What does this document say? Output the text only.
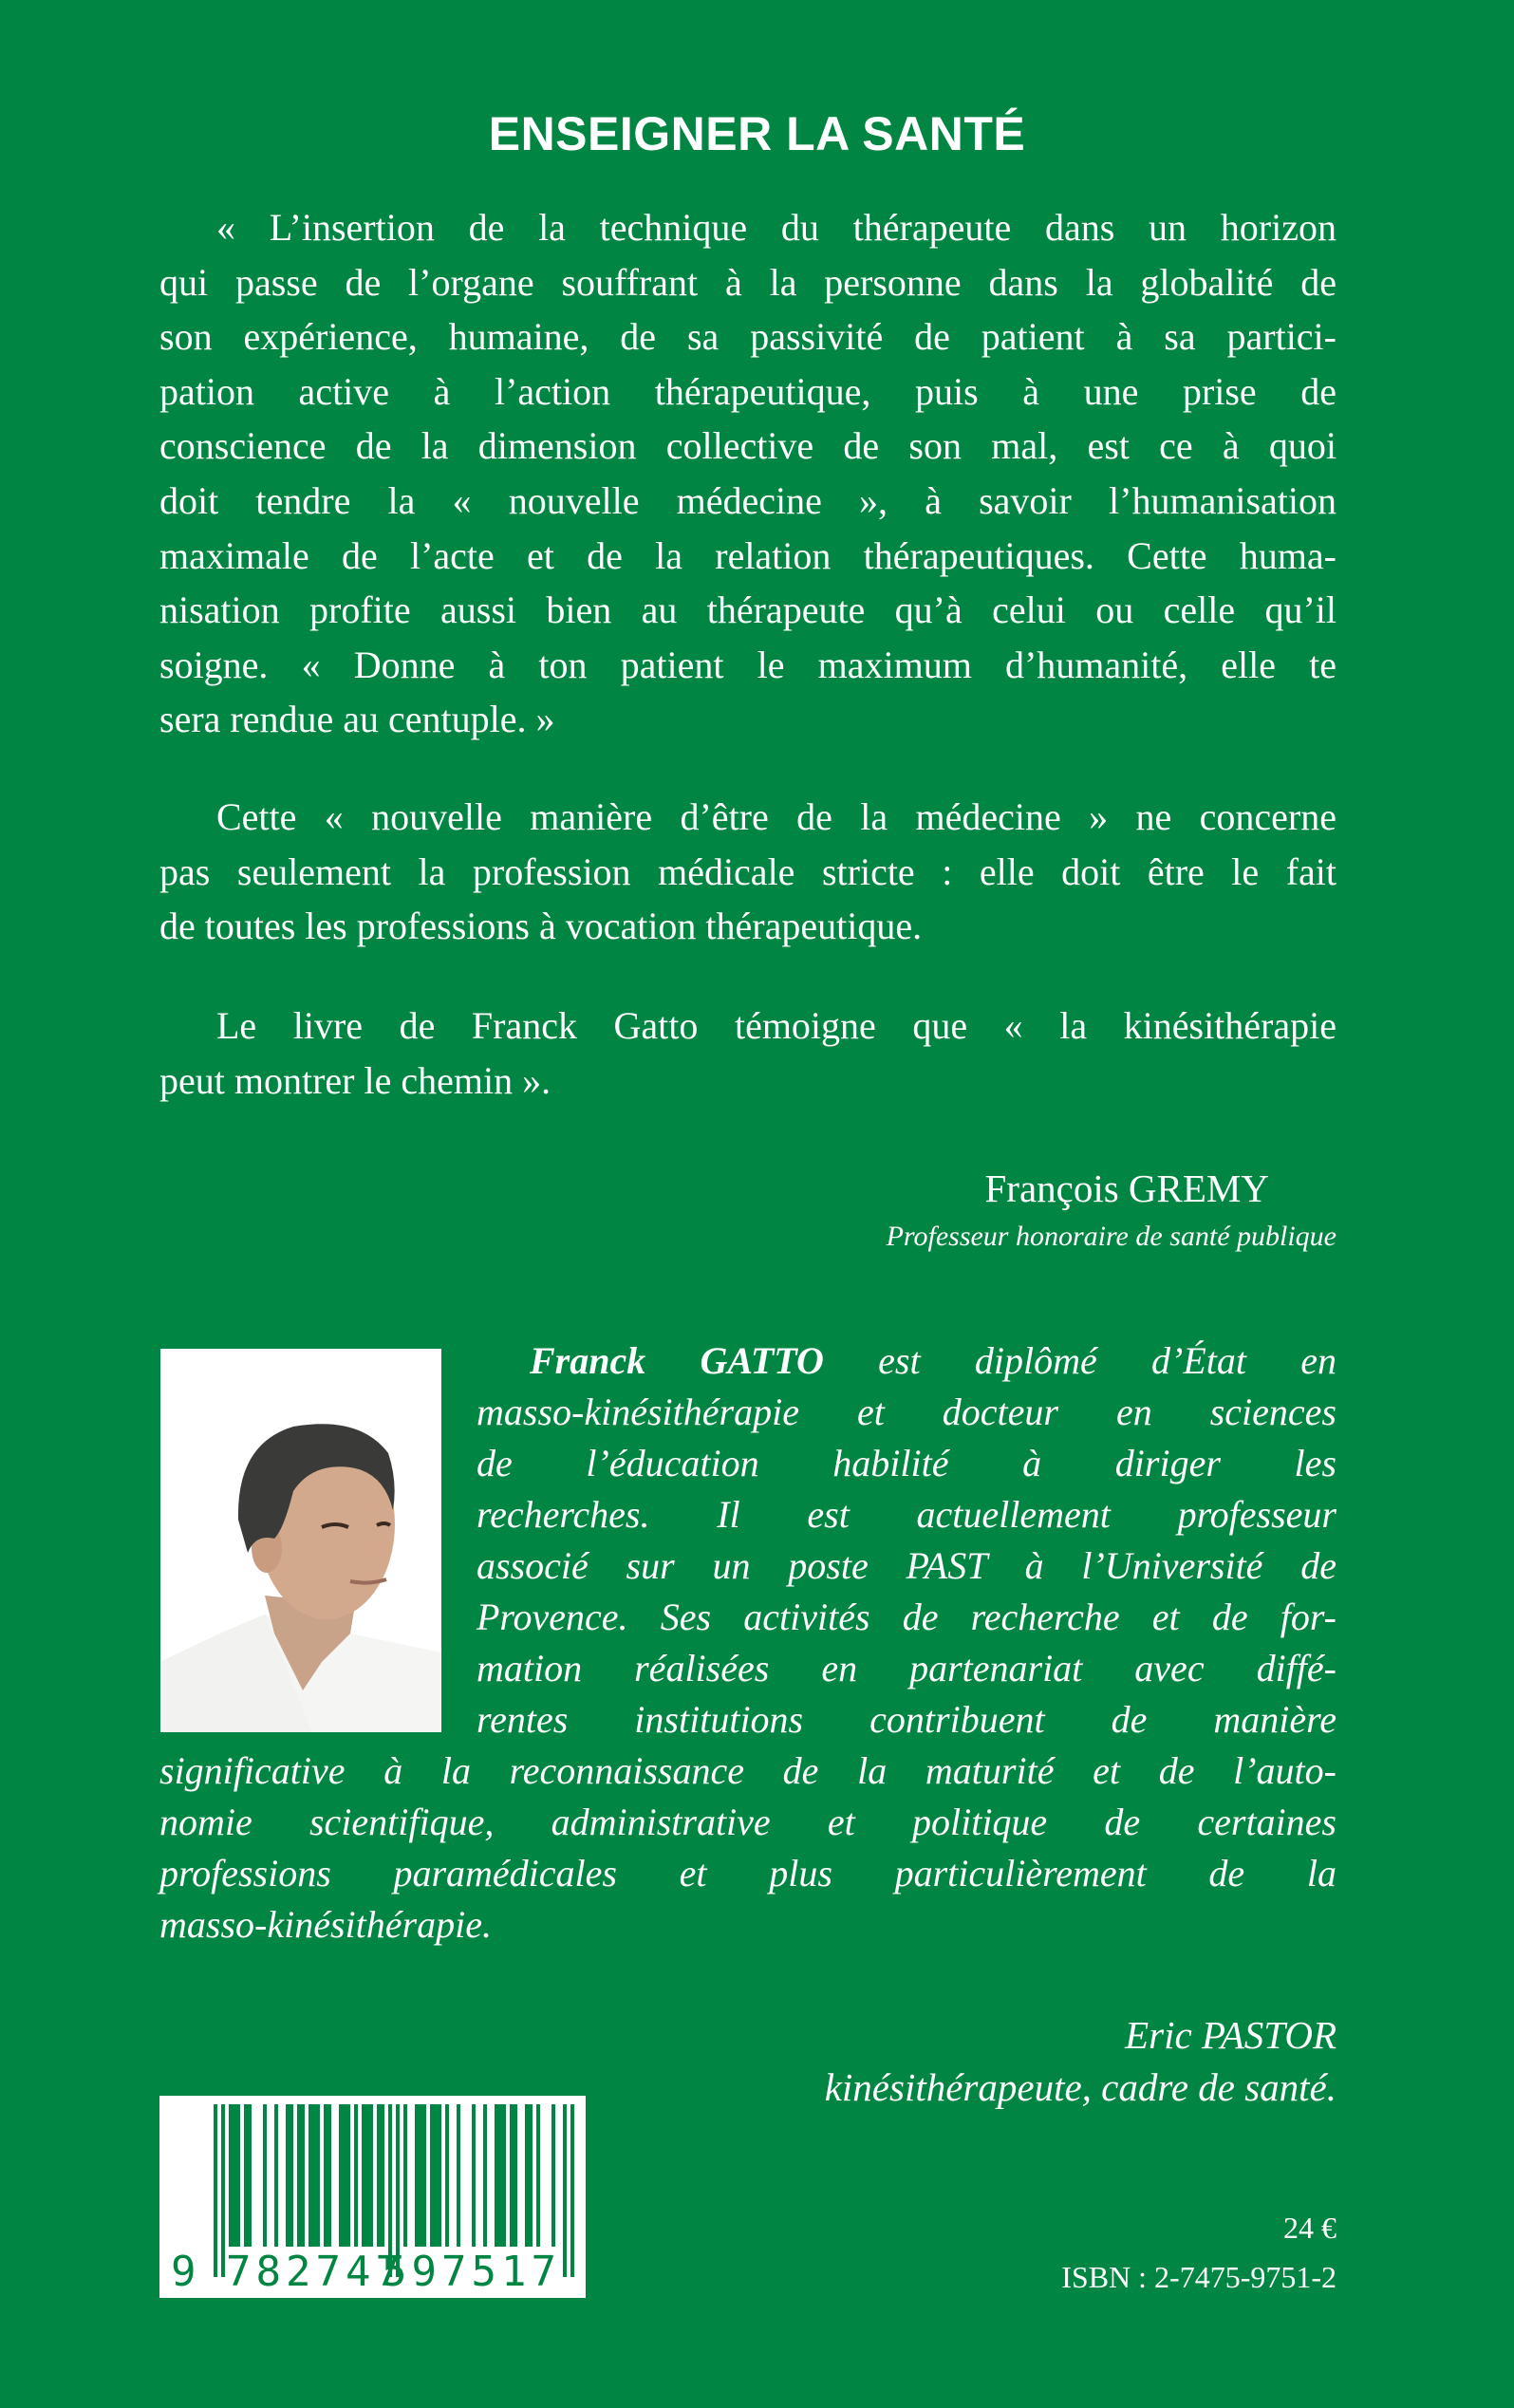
ENSEIGNER LA SANTÉ
« L’insertion de la technique du thérapeute dans un horizon
qui passe de l’organe souffrant à la personne dans la globalité de
son expérience, humaine, de sa passivité de patient à sa partici-
pation active à l’action thérapeutique, puis à une prise de
conscience de la dimension collective de son mal, est ce à quoi
doit tendre la « nouvelle médecine », à savoir l’humanisation
maximale de l’acte et de la relation thérapeutiques. Cette huma-
nisation profite aussi bien au thérapeute qu’à celui ou celle qu’il
soigne. « Donne à ton patient le maximum d’humanité, elle te
sera rendue au centuple. »
Cette « nouvelle manière d’être de la médecine » ne concerne
pas seulement la profession médicale stricte : elle doit être le fait
de toutes les professions à vocation thérapeutique.
Le livre de Franck Gatto témoigne que « la kinésithérapie
peut montrer le chemin ».
François GREMY
Professeur honoraire de santé publique
Franck GATTO est diplômé d’État en
masso-kinésithérapie et docteur en sciences
de l’éducation habilité à diriger les
recherches. Il est actuellement professeur
associé sur un poste PAST à l’Université de
Provence. Ses activités de recherche et de for-
mation réalisées en partenariat avec diffé-
rentes institutions contribuent de manière
significative à la reconnaissance de la maturité et de l’auto-
nomie scientifique, administrative et politique de certaines
professions paramédicales et plus particulièrement de la
masso-kinésithérapie.
Eric PASTOR
kinésithérapeute, cadre de santé.
9 782747
597517
24 €
ISBN : 2-7475-9751-2
